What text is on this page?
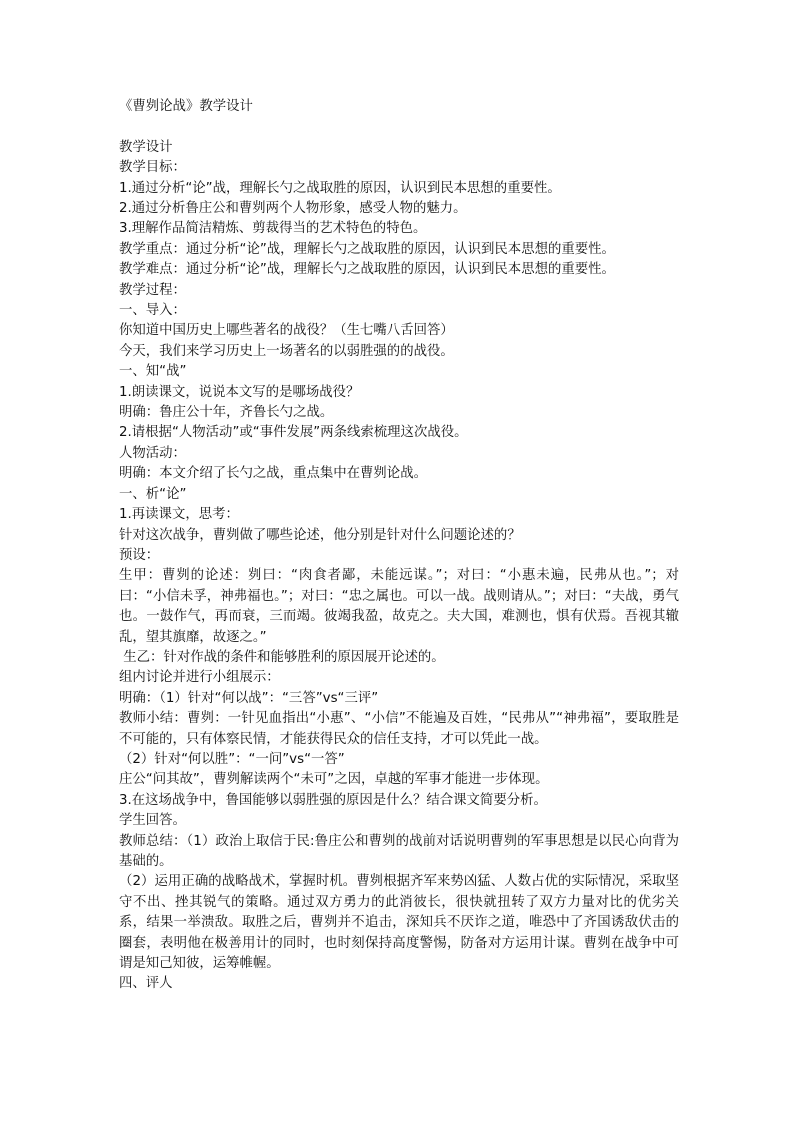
《曹刿论战》教学设计

教学设计

教学目标：

1.通过分析“论”战，理解长勺之战取胜的原因，认识到民本思想的重要性。

2.通过分析鲁庄公和曹刿两个人物形象，感受人物的魅力。

3.理解作品简洁精炼、剪裁得当的艺术特色的特色。

教学重点：通过分析“论”战，理解长勺之战取胜的原因，认识到民本思想的重要性。

教学难点：通过分析“论”战，理解长勺之战取胜的原因，认识到民本思想的重要性。

教学过程：

一、导入：

你知道中国历史上哪些著名的战役？（生七嘴八舌回答）

今天，我们来学习历史上一场著名的以弱胜强的的战役。

一、知“战”

1.朗读课文，说说本文写的是哪场战役？

明确：鲁庄公十年，齐鲁长勺之战。

2.请根据“人物活动”或“事件发展”两条线索梳理这次战役。

人物活动：

明确：本文介绍了长勺之战，重点集中在曹刿论战。

一、析“论”

1.再读课文，思考：

针对这次战争，曹刿做了哪些论述，他分别是针对什么问题论述的？

预设：

生甲：曹刿的论述：刿曰：“肉食者鄙，未能远谋。”；对曰：“小惠未遍，民弗从也。”；对曰：“小信未孚，神弗福也。”；对曰：“忠之属也。可以一战。战则请从。”；对曰：“夫战，勇气也。一鼓作气，再而衰，三而竭。彼竭我盈，故克之。夫大国，难测也，惧有伏焉。吾视其辙乱，望其旗靡，故逐之。”

生乙：针对作战的条件和能够胜利的原因展开论述的。

组内讨论并进行小组展示：

明确：（1）针对“何以战”：“三答”vs“三评”

教师小结：曹刿：一针见血指出“小惠”、“小信”不能遍及百姓，“民弗从”“神弗福”，要取胜是不可能的，只有体察民情，才能获得民众的信任支持，才可以凭此一战。

（2）针对“何以胜”：“一问”vs“一答”

庄公“问其故”，曹刿解读两个“未可”之因，卓越的军事才能进一步体现。

3.在这场战争中，鲁国能够以弱胜强的原因是什么？结合课文简要分析。

学生回答。

教师总结：（1）政治上取信于民:鲁庄公和曹刿的战前对话说明曹刿的军事思想是以民心向背为基础的。

（2）运用正确的战略战术，掌握时机。曹刿根据齐军来势凶猛、人数占优的实际情况，采取坚守不出、挫其锐气的策略。通过双方勇力的此消彼长，很快就扭转了双方力量对比的优劣关系，结果一举溃敌。取胜之后，曹刿并不追击，深知兵不厌诈之道，唯恐中了齐国诱敌伏击的圈套，表明他在极善用计的同时，也时刻保持高度警惕，防备对方运用计谋。曹刿在战争中可谓是知己知彼，运筹帷幄。

四、评人
